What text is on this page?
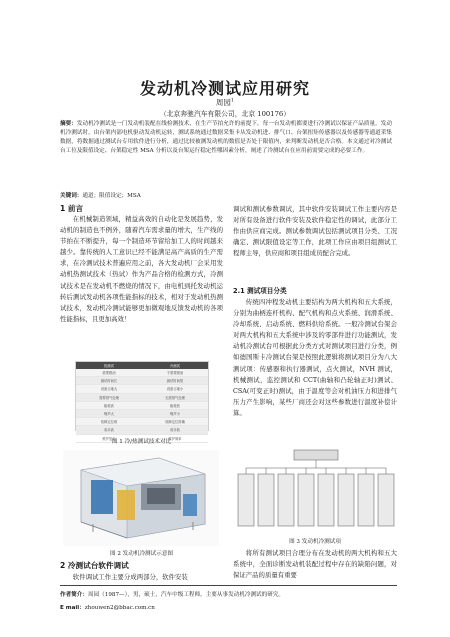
发动机冷测试应用研究
周园$^1$
（北京奔驰汽车有限公司，北京 100176）
摘要：发动机冷测试是一门发动机装配在线检测技术，在生产节拍允许的前提下，每一台发动机都要进行冷测试以保证产品质量。发动机冷测试时，由台架内部电机驱动发动机运转，测试系统通过数据采集卡从发动机进、排气口、台架扭矩传感器以及传感器等通道采集数据，将数据通过测试台专用软件进行分析，通过比较被测发动机的数值是否处于限值内，来判断发动机是否合格。本文通过对冷测试台工位及限值设定、台架稳定性 MSA 分析以及台架运行稳定性哪因素分析，阐述了冷测试台在应用前需要完成的必要工作。
关键词：通道；限值设定；MSA
1 前言
在机械制造领域，精益高效的自动化是发展趋势，发动机的制造也不例外，随着汽车需求量的增大，生产线的节拍在不断提升，每一个制造环节留给加工人的时间越来越少。靠传统的人工意识已经不能满足高产高质的生产需求，在冷测试技术普遍应用之前，各大发动机厂会采用发动机热测试技术（热试）作为产品合格的检测方式，冷测试技术是在发动机不燃烧的情况下，由电机到托发动机运转后测试发动机各项性能指标的技术，相对于发动机热测试技术，发动机冷测试能够更加微观地反馈发动机的各项性能指标，且更加高效！
热测试	冷测试
需要燃油	不需要燃油
测试时间长	测试时间短
设备占地大	设备占地小
需要排气处理	无需排气处理
能耗高	能耗低
噪声大	噪声小
故障定位难	故障定位准确
成本高	成本低
维护复杂	维护简单
图 1 冷/热测试技术对比
图 2 发动机冷测试示意图
2 冷测试台软件调试
软件调试工作主要分成两部分，软件安装
调试和测试参数调试，其中软件安装调试工作主要内容是对所有设备进行软件安装及软件稳定性的调试，此部分工作由供应商完成。测试参数调试包括测试项目分类、工况确定、测试限值设定等工作，此项工作应由项目组测试工程师主导，供应商和项目组成员配合完成。
2.1 测试项目分类
传统四冲程发动机主要结构为两大机构和五大系统，分别为曲柄连杆机构、配气机构和点火系统、润滑系统、冷却系统、启动系统、燃料供给系统。一般冷测试台架会对两大机构和五大系统中涉及的零部件进行功能测试，发动机冷测试台可根据此分类方式对测试项目进行分类，例如德国斯卡冷测试台架是按照此逻辑将测试项目分为八大测试项：传感器和执行器测试，点火测试，NVH 测试，机械测试，监控测试和 CCT(曲轴和凸轮轴正时)测试、CSA(可变正时)测试，由于温度等会对机油压力和进排气压力产生影响，某些厂商还会对这些参数进行温度补偿计算。
图 3 发动机冷测试项
将所有测试项目合理分布在发动机的两大机构和五大系统中，全面诊断发动机装配过程中存在的缺陷问题，对保证产品的质量有重要
作者简介：周园（1987—），男，硕士，汽车中级工程师，主要从事发动机冷测试的研究。
E mail：zhouwen2@bbac.com.cn
